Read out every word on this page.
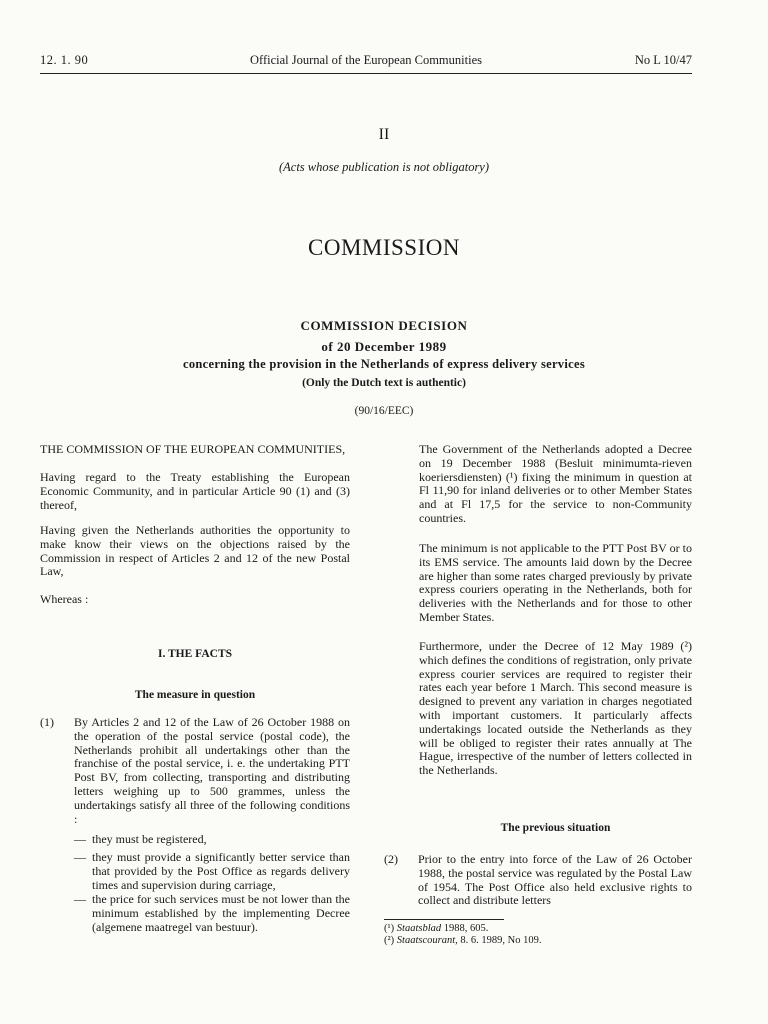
12. 1. 90	Official Journal of the European Communities	No L 10/47
II
(Acts whose publication is not obligatory)
COMMISSION
COMMISSION DECISION
of 20 December 1989
concerning the provision in the Netherlands of express delivery services
(Only the Dutch text is authentic)
(90/16/EEC)
THE COMMISSION OF THE EUROPEAN COMMUNITIES,
Having regard to the Treaty establishing the European Economic Community, and in particular Article 90 (1) and (3) thereof,
Having given the Netherlands authorities the opportunity to make know their views on the objections raised by the Commission in respect of Articles 2 and 12 of the new Postal Law,
Whereas :
I. THE FACTS
The measure in question
(1) By Articles 2 and 12 of the Law of 26 October 1988 on the operation of the postal service (postal code), the Netherlands prohibit all undertakings other than the franchise of the postal service, i. e. the undertaking PTT Post BV, from collecting, transporting and distributing letters weighing up to 500 grammes, unless the undertakings satisfy all three of the following conditions :
— they must be registered,
— they must provide a significantly better service than that provided by the Post Office as regards delivery times and supervision during carriage,
— the price for such services must be not lower than the minimum established by the implementing Decree (algemene maatregel van bestuur).
The Government of the Netherlands adopted a Decree on 19 December 1988 (Besluit minimumta-rieven koeriersdiensten) (¹) fixing the minimum in question at Fl 11,90 for inland deliveries or to other Member States and at Fl 17,5 for the service to non-Community countries.
The minimum is not applicable to the PTT Post BV or to its EMS service. The amounts laid down by the Decree are higher than some rates charged previously by private express couriers operating in the Netherlands, both for deliveries with the Netherlands and for those to other Member States.
Furthermore, under the Decree of 12 May 1989 (²) which defines the conditions of registration, only private express courier services are required to register their rates each year before 1 March. This second measure is designed to prevent any variation in charges negotiated with important customers. It particularly affects undertakings located outside the Netherlands as they will be obliged to register their rates annually at The Hague, irrespective of the number of letters collected in the Netherlands.
The previous situation
(2) Prior to the entry into force of the Law of 26 October 1988, the postal service was regulated by the Postal Law of 1954. The Post Office also held exclusive rights to collect and distribute letters
(¹) Staatsblad 1988, 605.
(²) Staatscourant, 8. 6. 1989, No 109.
